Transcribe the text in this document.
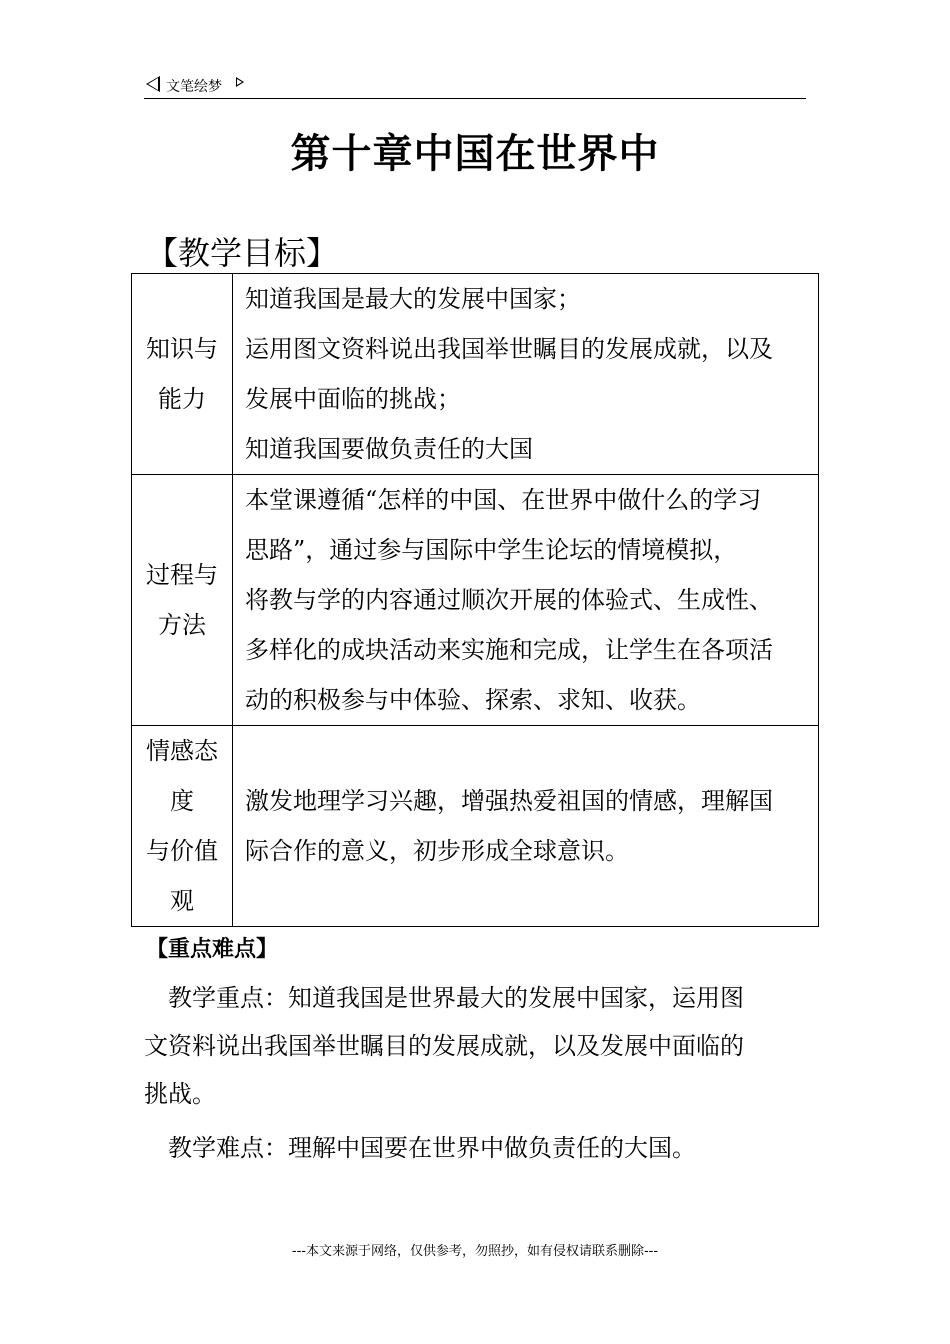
文笔绘梦
第十章中国在世界中
【教学目标】
知识与
能力	知道我国是最大的发展中国家；
运用图文资料说出我国举世瞩目的发展成就，以及
发展中面临的挑战；
知道我国要做负责任的大国

过程与
方法	本堂课遵循“怎样的中国、在世界中做什么的学习
思路”，通过参与国际中学生论坛的情境模拟，
将教与学的内容通过顺次开展的体验式、生成性、
多样化的成块活动来实施和完成，让学生在各项活
动的积极参与中体验、探索、求知、收获。

情感态
度
与价值
观	激发地理学习兴趣，增强热爱祖国的情感，理解国
际合作的意义，初步形成全球意识。
【重点难点】
　教学重点：知道我国是世界最大的发展中国家，运用图
文资料说出我国举世瞩目的发展成就，以及发展中面临的
挑战。
　教学难点：理解中国要在世界中做负责任的大国。
---本文来源于网络，仅供参考，勿照抄，如有侵权请联系删除---
